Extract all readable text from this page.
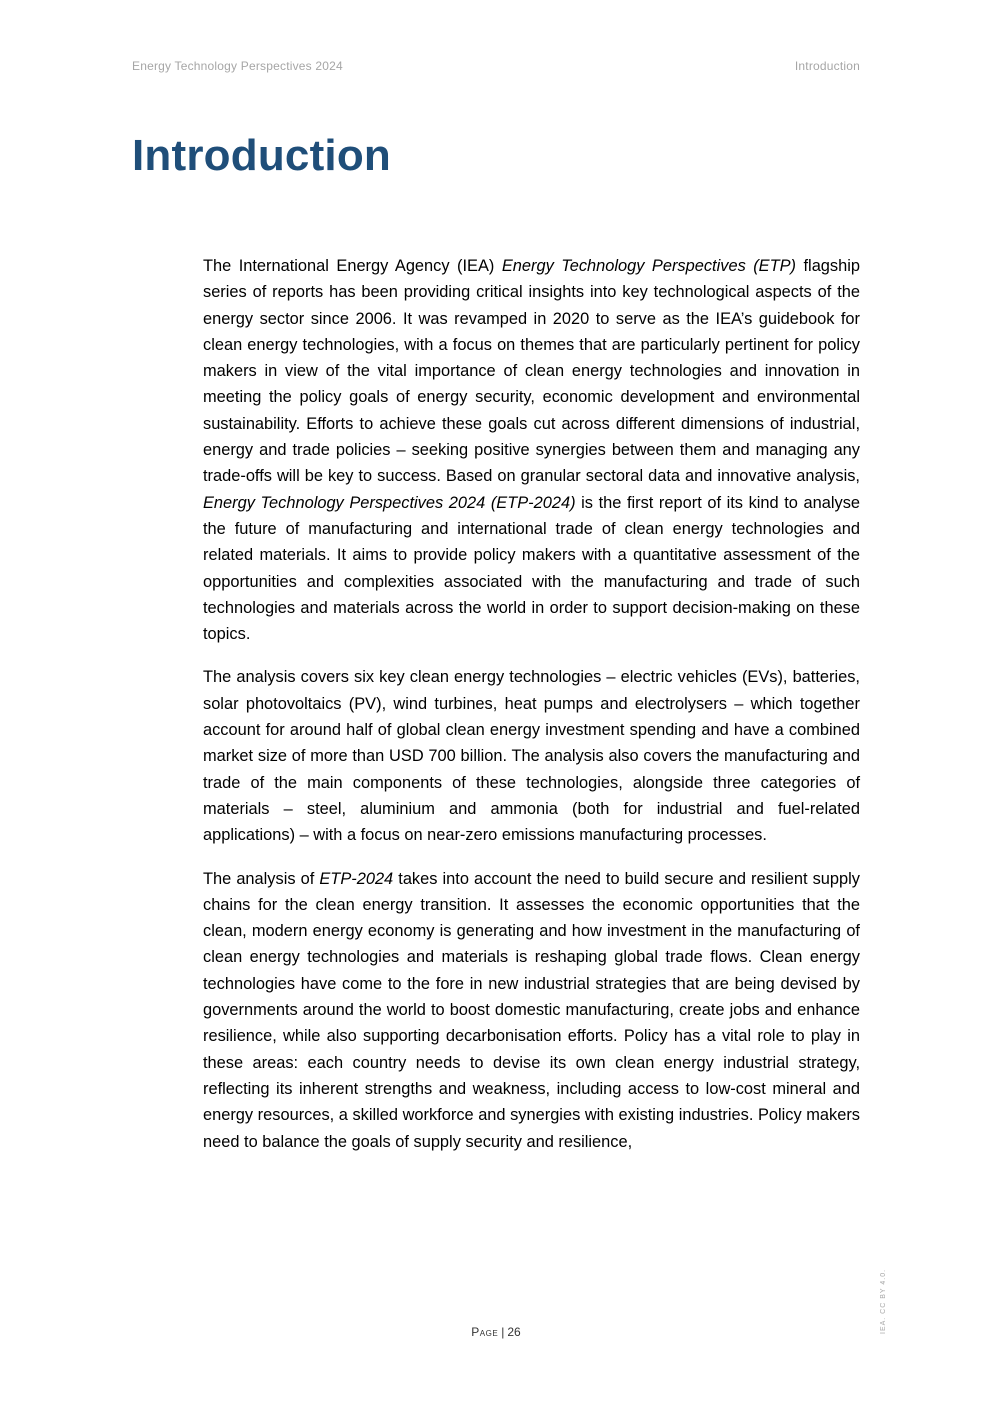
Energy Technology Perspectives 2024	Introduction
Introduction

The International Energy Agency (IEA) Energy Technology Perspectives (ETP) flagship series of reports has been providing critical insights into key technological aspects of the energy sector since 2006. It was revamped in 2020 to serve as the IEA’s guidebook for clean energy technologies, with a focus on themes that are particularly pertinent for policy makers in view of the vital importance of clean energy technologies and innovation in meeting the policy goals of energy security, economic development and environmental sustainability. Efforts to achieve these goals cut across different dimensions of industrial, energy and trade policies – seeking positive synergies between them and managing any trade-offs will be key to success. Based on granular sectoral data and innovative analysis, Energy Technology Perspectives 2024 (ETP-2024) is the first report of its kind to analyse the future of manufacturing and international trade of clean energy technologies and related materials. It aims to provide policy makers with a quantitative assessment of the opportunities and complexities associated with the manufacturing and trade of such technologies and materials across the world in order to support decision-making on these topics.

The analysis covers six key clean energy technologies – electric vehicles (EVs), batteries, solar photovoltaics (PV), wind turbines, heat pumps and electrolysers – which together account for around half of global clean energy investment spending and have a combined market size of more than USD 700 billion. The analysis also covers the manufacturing and trade of the main components of these technologies, alongside three categories of materials – steel, aluminium and ammonia (both for industrial and fuel-related applications) – with a focus on near-zero emissions manufacturing processes.

The analysis of ETP-2024 takes into account the need to build secure and resilient supply chains for the clean energy transition. It assesses the economic opportunities that the clean, modern energy economy is generating and how investment in the manufacturing of clean energy technologies and materials is reshaping global trade flows. Clean energy technologies have come to the fore in new industrial strategies that are being devised by governments around the world to boost domestic manufacturing, create jobs and enhance resilience, while also supporting decarbonisation efforts. Policy has a vital role to play in these areas: each country needs to devise its own clean energy industrial strategy, reflecting its inherent strengths and weakness, including access to low-cost mineral and energy resources, a skilled workforce and synergies with existing industries. Policy makers need to balance the goals of supply security and resilience,

Page | 26	IEA. CC BY 4.0.
